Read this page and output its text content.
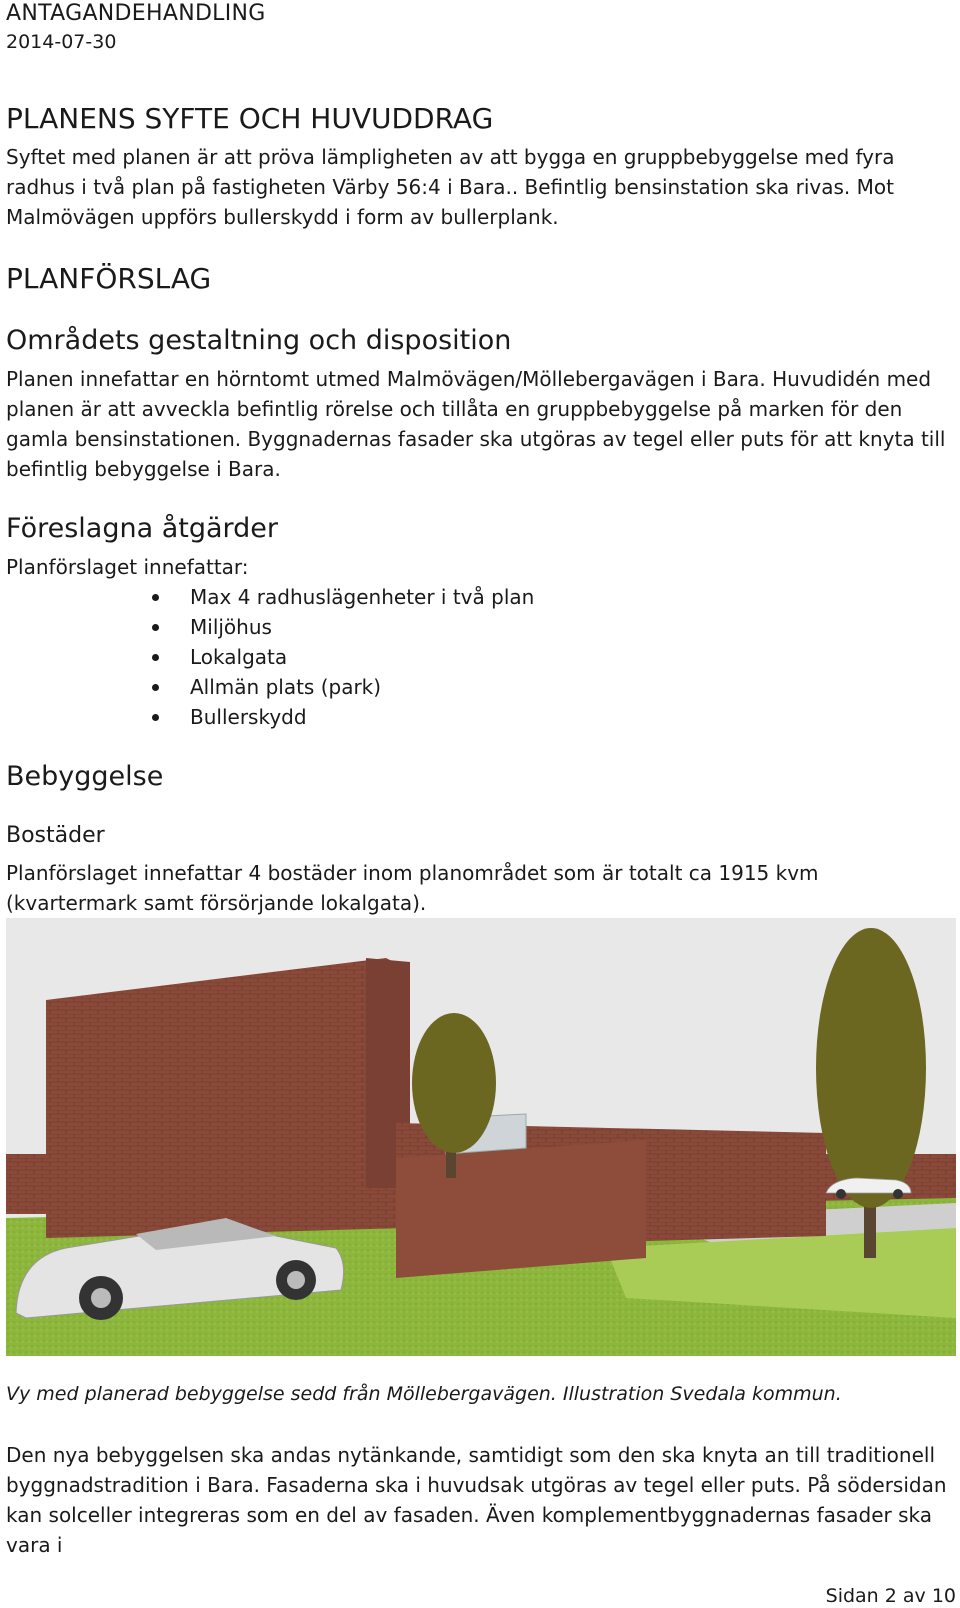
ANTAGANDEHANDLING
2014-07-30
PLANENS SYFTE OCH HUVUDDRAG

Syftet med planen är att pröva lämpligheten av att bygga en gruppbebyggelse med fyra radhus i två plan på fastigheten Värby 56:4 i Bara.. Befintlig bensinstation ska rivas. Mot Malmövägen uppförs bullerskydd i form av bullerplank.

PLANFÖRSLAG
Områdets gestaltning och disposition

Planen innefattar en hörntomt utmed Malmövägen/Möllebergavägen i Bara. Huvudidén med planen är att avveckla befintlig rörelse och tillåta en gruppbebyggelse på marken för den gamla bensinstationen. Byggnadernas fasader ska utgöras av tegel eller puts för att knyta till befintlig bebyggelse i Bara.

Föreslagna åtgärder

Planförslaget innefattar:

Max 4 radhuslägenheter i två plan
Miljöhus
Lokalgata
Allmän plats (park)
Bullerskydd
Bebyggelse
Bostäder

Planförslaget innefattar 4 bostäder inom planområdet som är totalt ca 1915 kvm (kvartermark samt försörjande lokalgata).

Vy med planerad bebyggelse sedd från Möllebergavägen. Illustration Svedala kommun.

Den nya bebyggelsen ska andas nytänkande, samtidigt som den ska knyta an till traditionell byggnadstradition i Bara. Fasaderna ska i huvudsak utgöras av tegel eller puts. På södersidan kan solceller integreras som en del av fasaden. Även komplementbyggnadernas fasader ska vara i

Sidan 2 av 10
